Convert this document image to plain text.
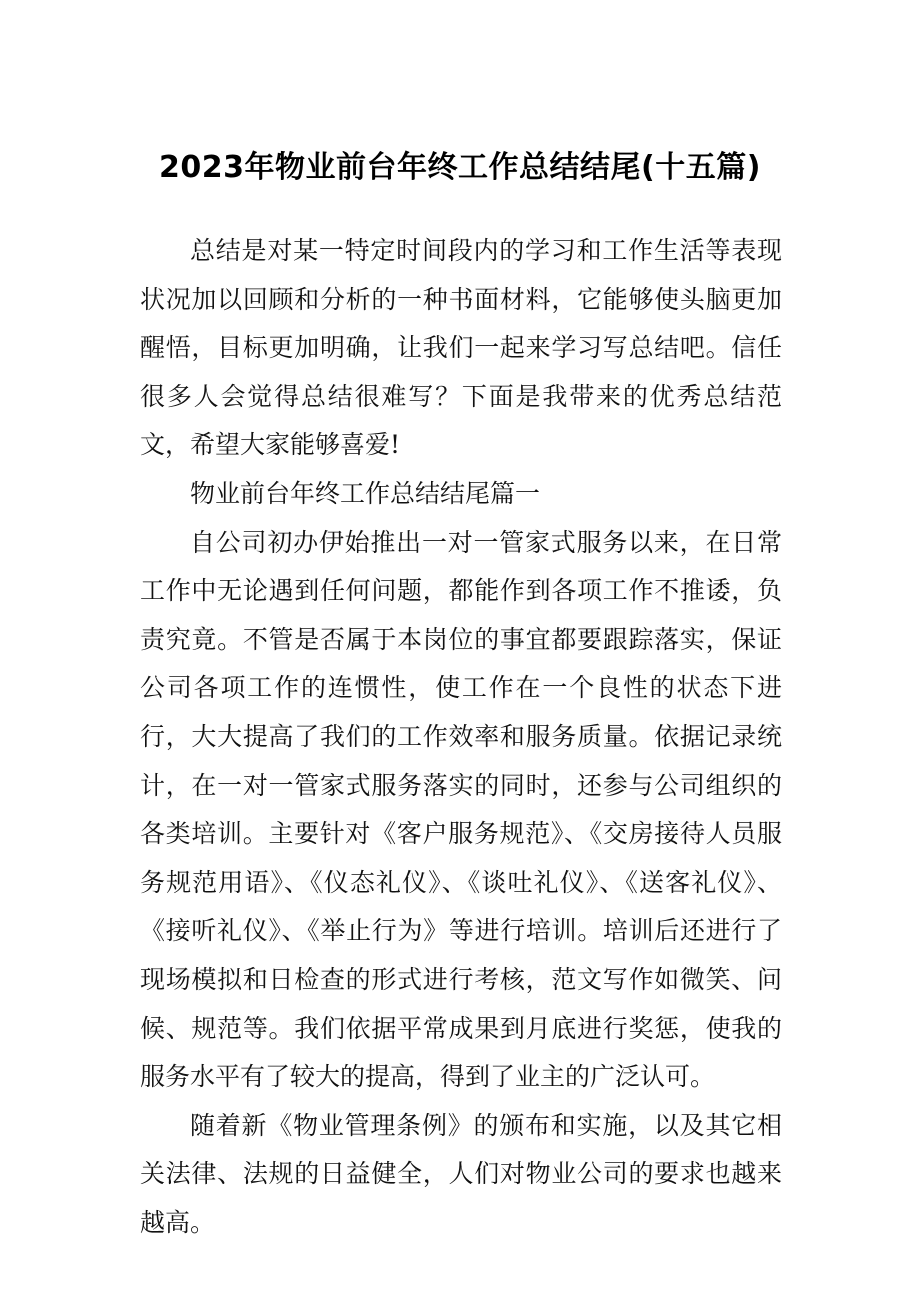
2023年物业前台年终工作总结结尾(十五篇)

总结是对某一特定时间段内的学习和工作生活等表现状况加以回顾和分析的一种书面材料，它能够使头脑更加醒悟，目标更加明确，让我们一起来学习写总结吧。信任很多人会觉得总结很难写？下面是我带来的优秀总结范文，希望大家能够喜爱!

物业前台年终工作总结结尾篇一

自公司初办伊始推出一对一管家式服务以来，在日常工作中无论遇到任何问题，都能作到各项工作不推诿，负责究竟。不管是否属于本岗位的事宜都要跟踪落实，保证公司各项工作的连惯性，使工作在一个良性的状态下进行，大大提高了我们的工作效率和服务质量。依据记录统计，在一对一管家式服务落实的同时，还参与公司组织的各类培训。主要针对《客户服务规范》、《交房接待人员服务规范用语》、《仪态礼仪》、《谈吐礼仪》、《送客礼仪》、《接听礼仪》、《举止行为》等进行培训。培训后还进行了现场模拟和日检查的形式进行考核，范文写作如微笑、问候、规范等。我们依据平常成果到月底进行奖惩，使我的服务水平有了较大的提高，得到了业主的广泛认可。

随着新《物业管理条例》的颁布和实施，以及其它相关法律、法规的日益健全，人们对物业公司的要求也越来越高。
